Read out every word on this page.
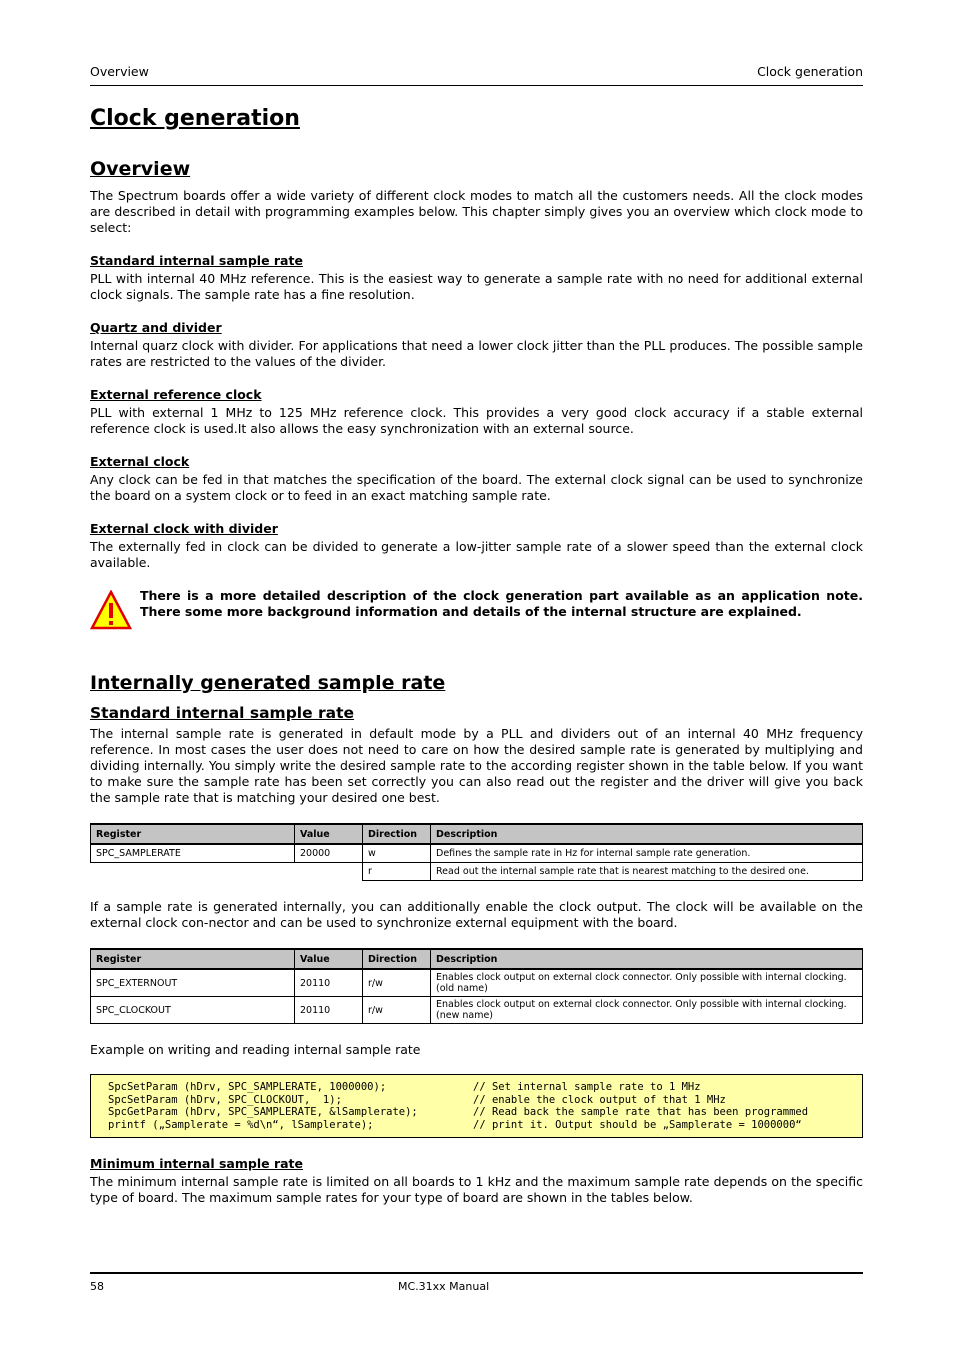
Overview	Clock generation
Clock generation
Overview

The Spectrum boards offer a wide variety of different clock modes to match all the customers needs. All the clock modes are described in detail with programming examples below. This chapter simply gives you an overview which clock mode to select:

Standard internal sample rate

PLL with internal 40 MHz reference. This is the easiest way to generate a sample rate with no need for additional external clock signals. The sample rate has a fine resolution.

Quartz and divider

Internal quarz clock with divider. For applications that need a lower clock jitter than the PLL produces. The possible sample rates are restricted to the values of the divider.

External reference clock

PLL with external 1 MHz to 125 MHz reference clock. This provides a very good clock accuracy if a stable external reference clock is used.It also allows the easy synchronization with an external source.

External clock

Any clock can be fed in that matches the specification of the board. The external clock signal can be used to synchronize the board on a system clock or to feed in an exact matching sample rate.

External clock with divider

The externally fed in clock can be divided to generate a low-jitter sample rate of a slower speed than the external clock available.

There is a more detailed description of the clock generation part available as an application note. There some more background information and details of the internal structure are explained.
Internally generated sample rate
Standard internal sample rate

The internal sample rate is generated in default mode by a PLL and dividers out of an internal 40 MHz frequency reference. In most cases the user does not need to care on how the desired sample rate is generated by multiplying and dividing internally. You simply write the desired sample rate to the according register shown in the table below. If you want to make sure the sample rate has been set correctly you can also read out the register and the driver will give you back the sample rate that is matching your desired one best.

Register	Value	Direction	Description
SPC_SAMPLERATE	20000	w	Defines the sample rate in Hz for internal sample rate generation.
		r	Read out the internal sample rate that is nearest matching to the desired one.

If a sample rate is generated internally, you can additionally enable the clock output. The clock will be available on the external clock con-nector and can be used to synchronize external equipment with the board.

Register	Value	Direction	Description
SPC_EXTERNOUT	20110	r/w	Enables clock output on external clock connector. Only possible with internal clocking. (old name)
SPC_CLOCKOUT	20110	r/w	Enables clock output on external clock connector. Only possible with internal clocking. (new name)

Example on writing and reading internal sample rate

SpcSetParam (hDrv, SPC_SAMPLERATE, 1000000);	// Set internal sample rate to 1 MHz
SpcSetParam (hDrv, SPC_CLOCKOUT,  1);	// enable the clock output of that 1 MHz
SpcGetParam (hDrv, SPC_SAMPLERATE, &lSamplerate);	// Read back the sample rate that has been programmed
printf („Samplerate = %d\n“, lSamplerate);	// print it. Output should be „Samplerate = 1000000“
Minimum internal sample rate

The minimum internal sample rate is limited on all boards to 1 kHz and the maximum sample rate depends on the specific type of board. The maximum sample rates for your type of board are shown in the tables below.

58	MC.31xx Manual
